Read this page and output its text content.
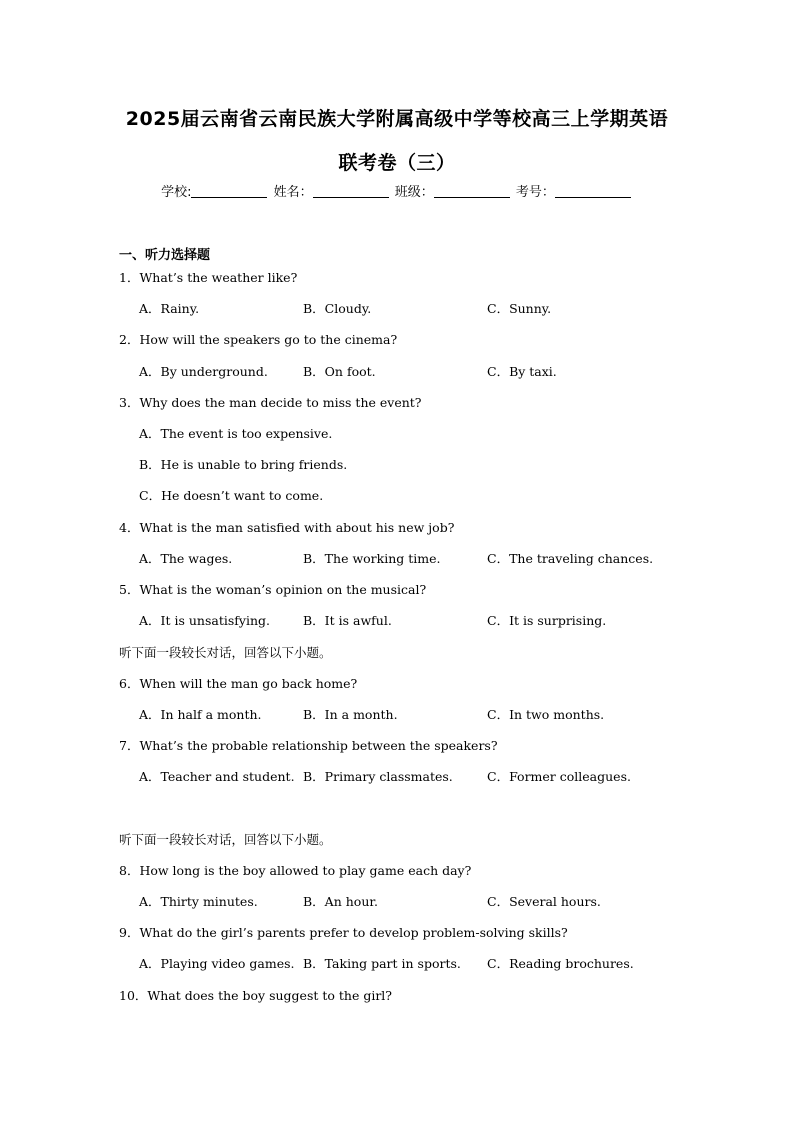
2025届云南省云南民族大学附属高级中学等校高三上学期英语
联考卷（三）
学校:	姓名：	班级：	考号：
一、听力选择题
1．What’s the weather like?
A．Rainy.	B．Cloudy.	C．Sunny.
2．How will the speakers go to the cinema?
A．By underground.	B．On foot.	C．By taxi.
3．Why does the man decide to miss the event?
A．The event is too expensive.
B．He is unable to bring friends.
C．He doesn’t want to come.
4．What is the man satisfied with about his new job?
A．The wages.	B．The working time.	C．The traveling chances.
5．What is the woman’s opinion on the musical?
A．It is unsatisfying.	B．It is awful.	C．It is surprising.
听下面一段较长对话，回答以下小题。
6．When will the man go back home?
A．In half a month.	B．In a month.	C．In two months.
7．What’s the probable relationship between the speakers?
A．Teacher and student. B．Primary classmates.	C．Former colleagues.
听下面一段较长对话，回答以下小题。
8．How long is the boy allowed to play game each day?
A．Thirty minutes.	B．An hour.	C．Several hours.
9．What do the girl’s parents prefer to develop problem-solving skills?
A．Playing video games. B．Taking part in sports. C．Reading brochures.
10．What does the boy suggest to the girl?
